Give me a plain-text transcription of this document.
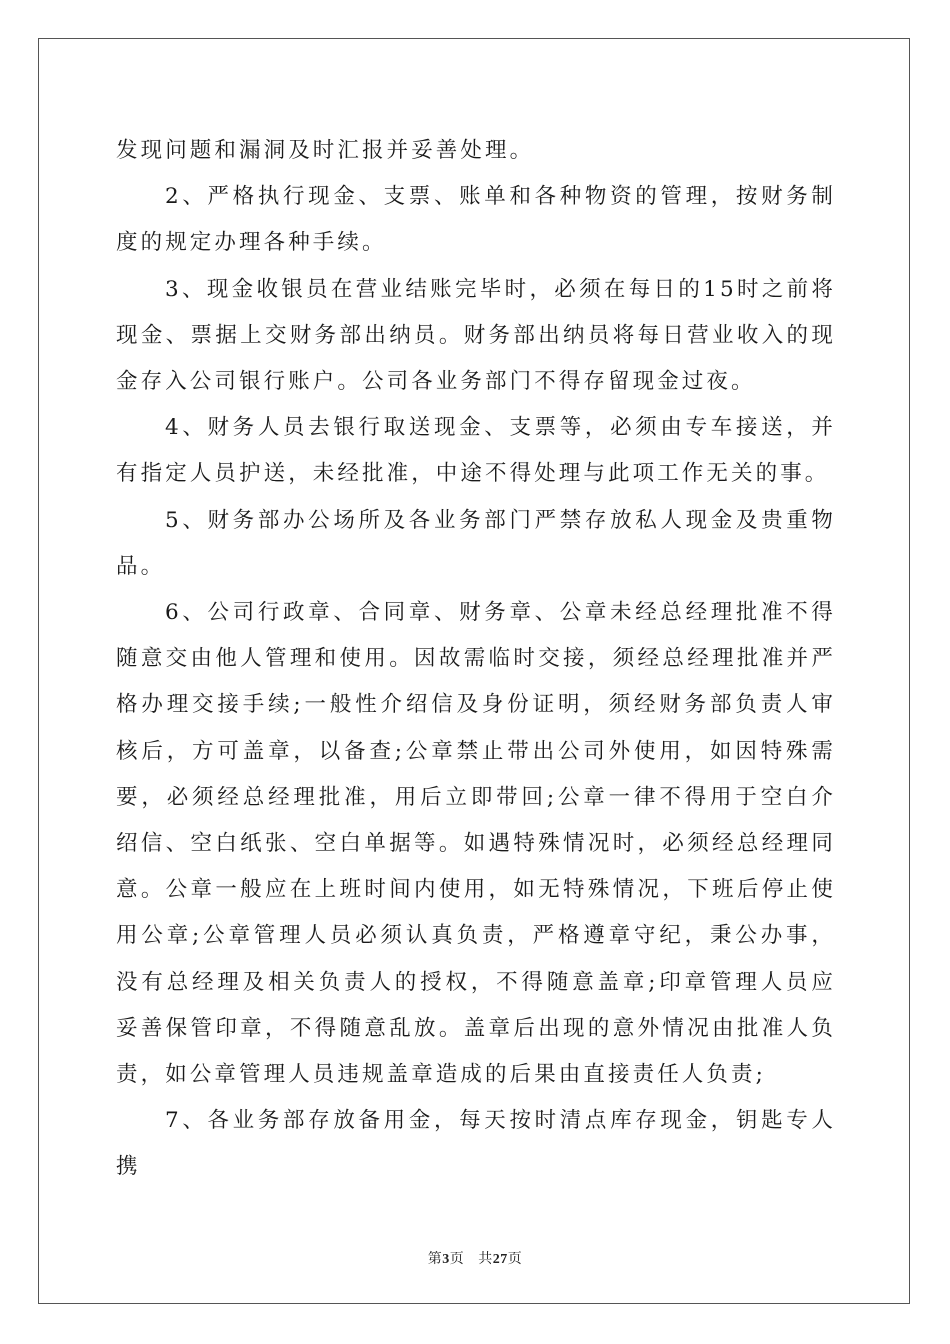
发现问题和漏洞及时汇报并妥善处理。

2、严格执行现金、支票、账单和各种物资的管理，按财务制度的规定办理各种手续。

3、现金收银员在营业结账完毕时，必须在每日的15时之前将现金、票据上交财务部出纳员。财务部出纳员将每日营业收入的现金存入公司银行账户。公司各业务部门不得存留现金过夜。

4、财务人员去银行取送现金、支票等，必须由专车接送，并有指定人员护送，未经批准，中途不得处理与此项工作无关的事。

5、财务部办公场所及各业务部门严禁存放私人现金及贵重物品。

6、公司行政章、合同章、财务章、公章未经总经理批准不得随意交由他人管理和使用。因故需临时交接，须经总经理批准并严格办理交接手续;一般性介绍信及身份证明，须经财务部负责人审核后，方可盖章，以备查;公章禁止带出公司外使用，如因特殊需要，必须经总经理批准，用后立即带回;公章一律不得用于空白介绍信、空白纸张、空白单据等。如遇特殊情况时，必须经总经理同意。公章一般应在上班时间内使用，如无特殊情况，下班后停止使用公章;公章管理人员必须认真负责，严格遵章守纪，秉公办事，没有总经理及相关负责人的授权，不得随意盖章;印章管理人员应妥善保管印章，不得随意乱放。盖章后出现的意外情况由批准人负责，如公章管理人员违规盖章造成的后果由直接责任人负责;

7、各业务部存放备用金，每天按时清点库存现金，钥匙专人携

第3页 共27页
